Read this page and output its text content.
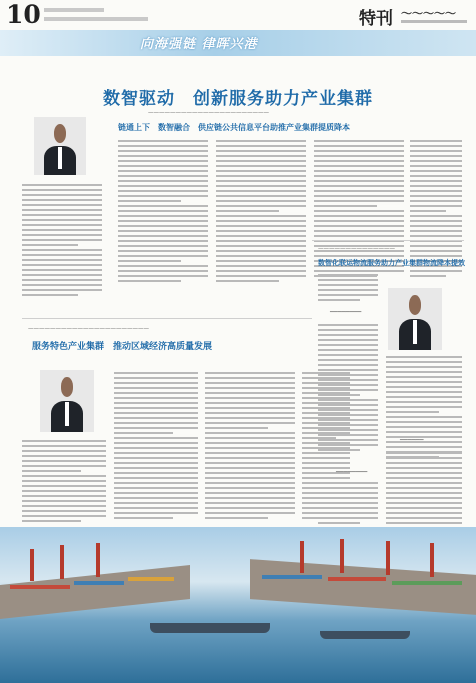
10	特刊 〜〜〜〜〜
向海强链 律晖兴港
数智驱动　创新服务助力产业集群
——————————————————————
链通上下　数智融合　供应链公共信息平台助推产业集群提质降本
——————————————————————
服务特色产业集群　推动区域经济高质量发展
——————————————
数智化联运物流服务助力产业集群物流降本提效
────────
────────
──────
